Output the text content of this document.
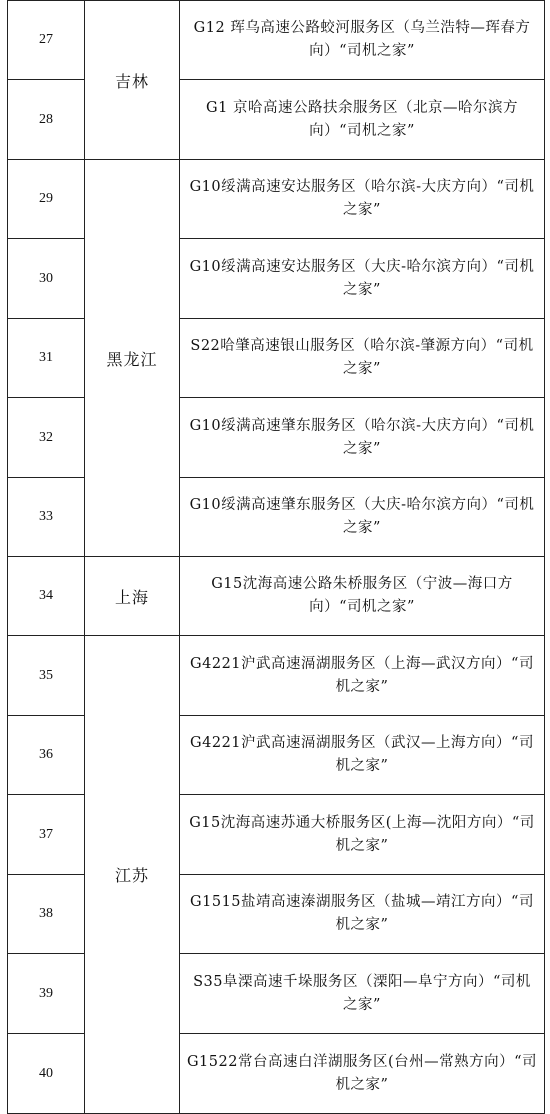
27	吉林	G12 珲乌高速公路蛟河服务区（乌兰浩特—珲春方向）“司机之家”
28		G1 京哈高速公路扶余服务区（北京—哈尔滨方向）“司机之家”
29	黑龙江	G10绥满高速安达服务区（哈尔滨-大庆方向）“司机之家”
30		G10绥满高速安达服务区（大庆-哈尔滨方向）“司机之家”
31		S22哈肇高速银山服务区（哈尔滨-肇源方向）“司机之家”
32		G10绥满高速肇东服务区（哈尔滨-大庆方向）“司机之家”
33		G10绥满高速肇东服务区（大庆-哈尔滨方向）“司机之家”
34	上海	G15沈海高速公路朱桥服务区（宁波—海口方向）“司机之家”
35	江苏	G4221沪武高速滆湖服务区（上海—武汉方向）“司机之家”
36		G4221沪武高速滆湖服务区（武汉—上海方向）“司机之家”
37		G15沈海高速苏通大桥服务区(上海—沈阳方向）“司机之家”
38		G1515盐靖高速溱湖服务区（盐城—靖江方向）“司机之家”
39		S35阜溧高速千垛服务区（溧阳—阜宁方向）“司机之家”
40		G1522常台高速白洋湖服务区(台州—常熟方向）“司机之家”
